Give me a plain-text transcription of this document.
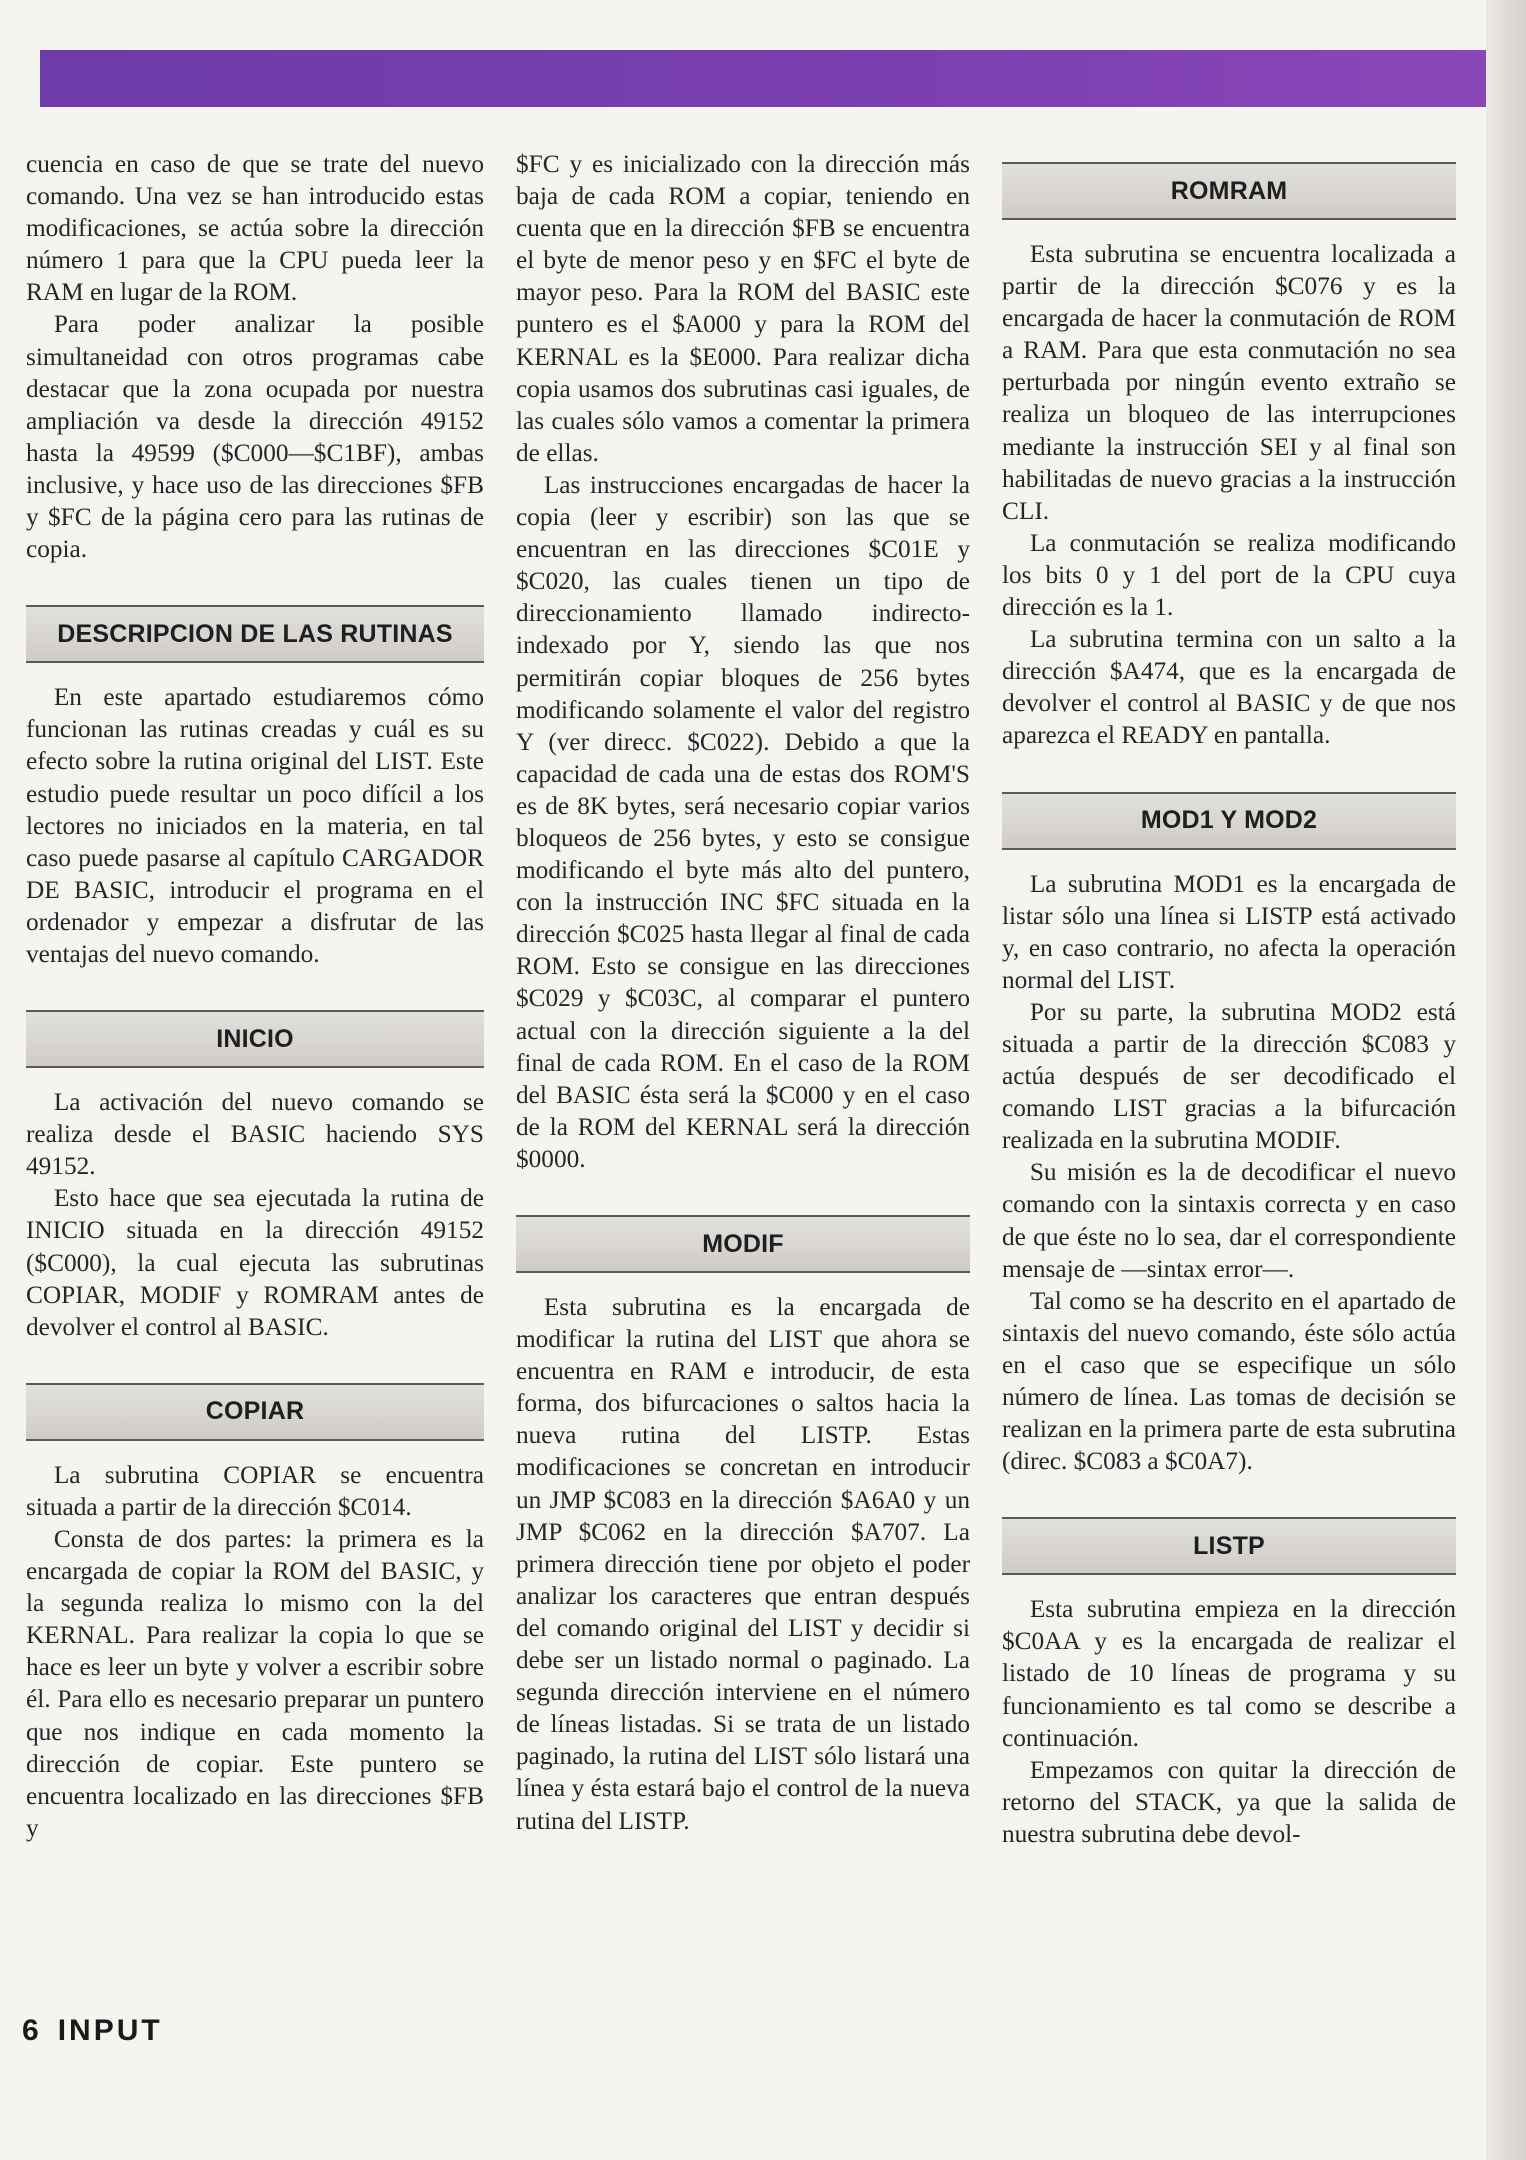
cuencia en caso de que se trate del nuevo comando. Una vez se han introducido estas modificaciones, se actúa sobre la dirección número 1 para que la CPU pueda leer la RAM en lugar de la ROM.

Para poder analizar la posible simultaneidad con otros programas cabe destacar que la zona ocupada por nuestra ampliación va desde la dirección 49152 hasta la 49599 ($C000—$C1BF), ambas inclusive, y hace uso de las direcciones $FB y $FC de la página cero para las rutinas de copia.

DESCRIPCION DE LAS RUTINAS

En este apartado estudiaremos cómo funcionan las rutinas creadas y cuál es su efecto sobre la rutina original del LIST. Este estudio puede resultar un poco difícil a los lectores no iniciados en la materia, en tal caso puede pasarse al capítulo CARGADOR DE BASIC, introducir el programa en el ordenador y empezar a disfrutar de las ventajas del nuevo comando.

INICIO

La activación del nuevo comando se realiza desde el BASIC haciendo SYS 49152.

Esto hace que sea ejecutada la rutina de INICIO situada en la dirección 49152 ($C000), la cual ejecuta las subrutinas COPIAR, MODIF y ROMRAM antes de devolver el control al BASIC.

COPIAR

La subrutina COPIAR se encuentra situada a partir de la dirección $C014.

Consta de dos partes: la primera es la encargada de copiar la ROM del BASIC, y la segunda realiza lo mismo con la del KERNAL. Para realizar la copia lo que se hace es leer un byte y volver a escribir sobre él. Para ello es necesario preparar un puntero que nos indique en cada momento la dirección de copiar. Este puntero se encuentra localizado en las direcciones $FB y

$FC y es inicializado con la dirección más baja de cada ROM a copiar, teniendo en cuenta que en la dirección $FB se encuentra el byte de menor peso y en $FC el byte de mayor peso. Para la ROM del BASIC este puntero es el $A000 y para la ROM del KERNAL es la $E000. Para realizar dicha copia usamos dos subrutinas casi iguales, de las cuales sólo vamos a comentar la primera de ellas.

Las instrucciones encargadas de hacer la copia (leer y escribir) son las que se encuentran en las direcciones $C01E y $C020, las cuales tienen un tipo de direccionamiento llamado indirecto-indexado por Y, siendo las que nos permitirán copiar bloques de 256 bytes modificando solamente el valor del registro Y (ver direcc. $C022). Debido a que la capacidad de cada una de estas dos ROM'S es de 8K bytes, será necesario copiar varios bloqueos de 256 bytes, y esto se consigue modificando el byte más alto del puntero, con la instrucción INC $FC situada en la dirección $C025 hasta llegar al final de cada ROM. Esto se consigue en las direcciones $C029 y $C03C, al comparar el puntero actual con la dirección siguiente a la del final de cada ROM. En el caso de la ROM del BASIC ésta será la $C000 y en el caso de la ROM del KERNAL será la dirección $0000.

MODIF

Esta subrutina es la encargada de modificar la rutina del LIST que ahora se encuentra en RAM e introducir, de esta forma, dos bifurcaciones o saltos hacia la nueva rutina del LISTP. Estas modificaciones se concretan en introducir un JMP $C083 en la dirección $A6A0 y un JMP $C062 en la dirección $A707. La primera dirección tiene por objeto el poder analizar los caracteres que entran después del comando original del LIST y decidir si debe ser un listado normal o paginado. La segunda dirección interviene en el número de líneas listadas. Si se trata de un listado paginado, la rutina del LIST sólo listará una línea y ésta estará bajo el control de la nueva rutina del LISTP.

ROMRAM

Esta subrutina se encuentra localizada a partir de la dirección $C076 y es la encargada de hacer la conmutación de ROM a RAM. Para que esta conmutación no sea perturbada por ningún evento extraño se realiza un bloqueo de las interrupciones mediante la instrucción SEI y al final son habilitadas de nuevo gracias a la instrucción CLI.

La conmutación se realiza modificando los bits 0 y 1 del port de la CPU cuya dirección es la 1.

La subrutina termina con un salto a la dirección $A474, que es la encargada de devolver el control al BASIC y de que nos aparezca el READY en pantalla.

MOD1 Y MOD2

La subrutina MOD1 es la encargada de listar sólo una línea si LISTP está activado y, en caso contrario, no afecta la operación normal del LIST.

Por su parte, la subrutina MOD2 está situada a partir de la dirección $C083 y actúa después de ser decodificado el comando LIST gracias a la bifurcación realizada en la subrutina MODIF.

Su misión es la de decodificar el nuevo comando con la sintaxis correcta y en caso de que éste no lo sea, dar el correspondiente mensaje de —sintax error—.

Tal como se ha descrito en el apartado de sintaxis del nuevo comando, éste sólo actúa en el caso que se especifique un sólo número de línea. Las tomas de decisión se realizan en la primera parte de esta subrutina (direc. $C083 a $C0A7).

LISTP

Esta subrutina empieza en la dirección $C0AA y es la encargada de realizar el listado de 10 líneas de programa y su funcionamiento es tal como se describe a continuación.

Empezamos con quitar la dirección de retorno del STACK, ya que la salida de nuestra subrutina debe devol-

6 INPUT
